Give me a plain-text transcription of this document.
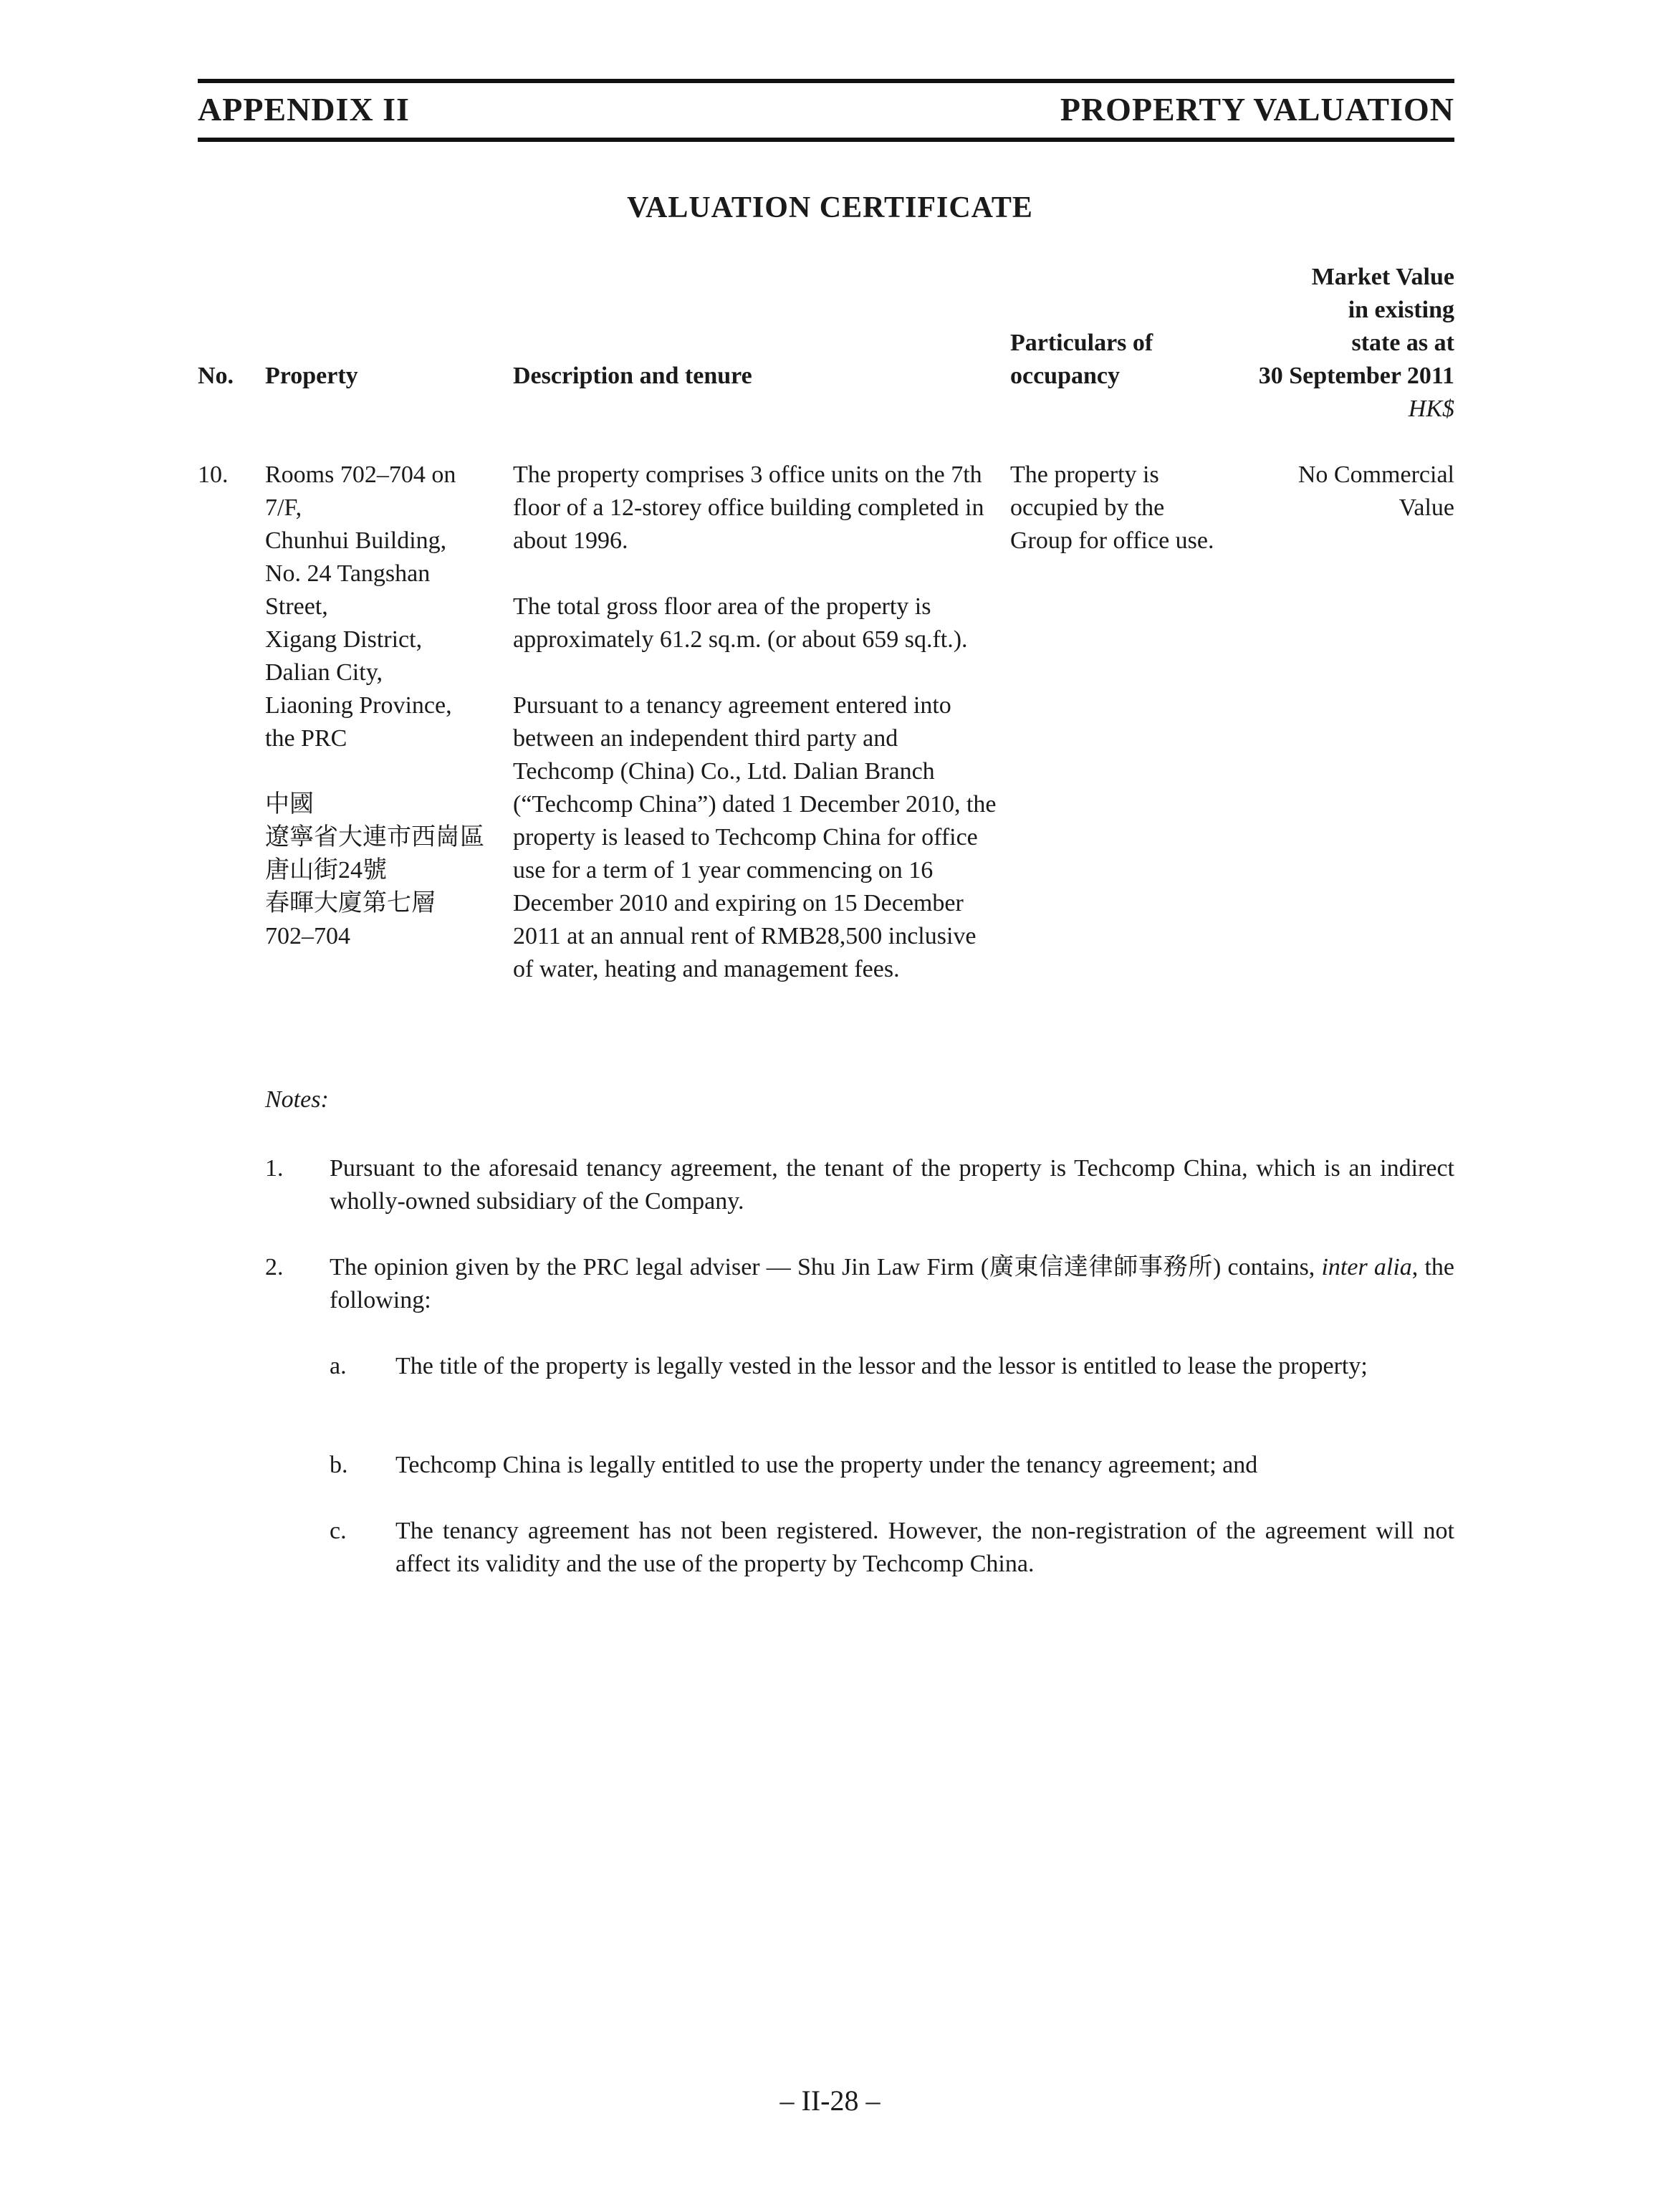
APPENDIX II	PROPERTY VALUATION
VALUATION CERTIFICATE
No. Property	Description and tenure
Particulars of
occupancy
Market Value
in existing
state as at
30 September 2011
HK$
10. Rooms 702–704 on
7/F,
Chunhui Building,
No. 24 Tangshan
Street,
Xigang District,
Dalian City,
Liaoning Province,
the PRC
中國
遼寧省大連市西崗區
唐山街24號
春暉大廈第七層
702–704

The property comprises 3 office units on the 7th floor of a 12-storey office building completed in about 1996.

The total gross floor area of the property is approximately 61.2 sq.m. (or about 659 sq.ft.).

Pursuant to a tenancy agreement entered into between an independent third party and Techcomp (China) Co., Ltd. Dalian Branch (“Techcomp China”) dated 1 December 2010, the property is leased to Techcomp China for office use for a term of 1 year commencing on 16 December 2010 and expiring on 15 December 2011 at an annual rent of RMB28,500 inclusive of water, heating and management fees.

The property is occupied by the Group for office use.
No Commercial
Value
Notes:
1. Pursuant to the aforesaid tenancy agreement, the tenant of the property is Techcomp China, which is an indirect wholly-owned subsidiary of the Company.
2. The opinion given by the PRC legal adviser — Shu Jin Law Firm (廣東信達律師事務所) contains, inter alia, the following:
a. The title of the property is legally vested in the lessor and the lessor is entitled to lease the property;
b. Techcomp China is legally entitled to use the property under the tenancy agreement; and
c. The tenancy agreement has not been registered. However, the non-registration of the agreement will not affect its validity and the use of the property by Techcomp China.
– II-28 –
